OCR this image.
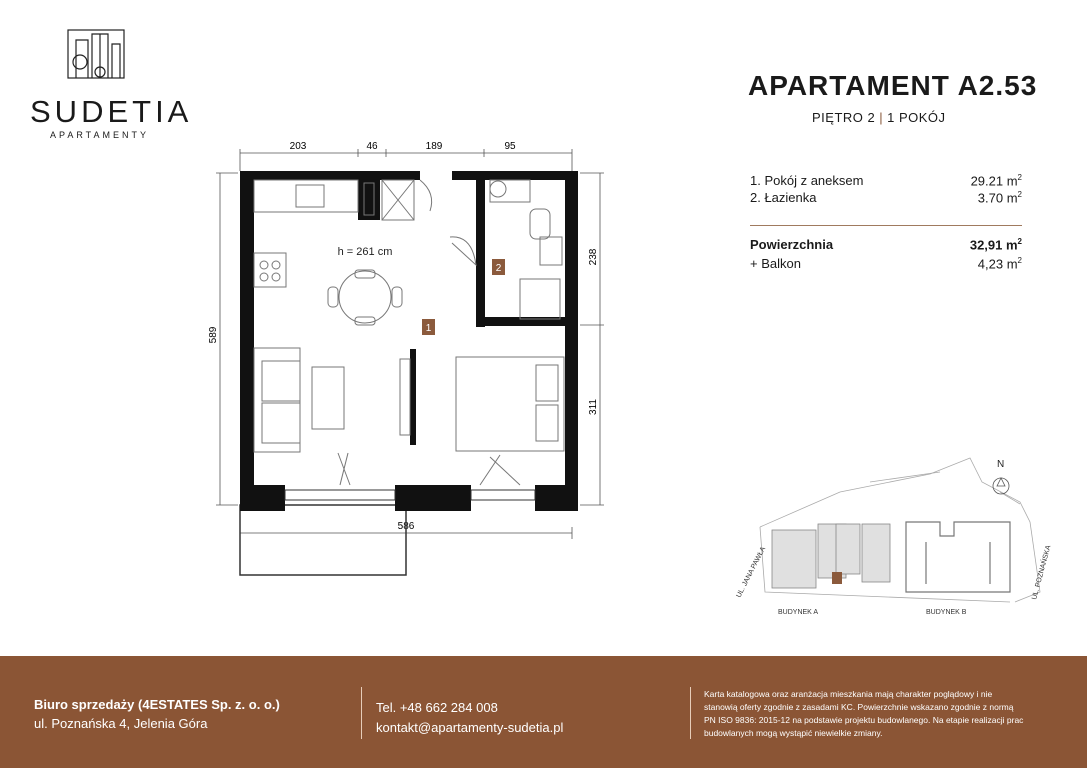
SUDETIA
APARTAMENTY
APARTAMENT A2.53
PIĘTRO 2 | 1 POKÓJ
1. Pokój z aneksem	29.21 $m^2$
2. Łazienka	3.70 $m^2$
Powierzchnia	32,91 $m^2$
+ Balkon	4,23 $m^2$
203	46	189	95
589
238
311
586
h = 261 cm
1
2
N
UL. JANA PAWŁA	UL. POZNAŃSKA
BUDYNEK A	BUDYNEK B
Biuro sprzedaży (4ESTATES Sp. z. o. o.)
ul. Poznańska 4, Jelenia Góra
Tel. +48 662 284 008
kontakt@apartamenty-sudetia.pl
Karta katalogowa oraz aranżacja mieszkania mają charakter poglądowy i nie stanowią oferty zgodnie z zasadami KC. Powierzchnie wskazano zgodnie z normą PN ISO 9836: 2015-12 na podstawie projektu budowlanego. Na etapie realizacji prac budowlanych mogą wystąpić niewielkie zmiany.
